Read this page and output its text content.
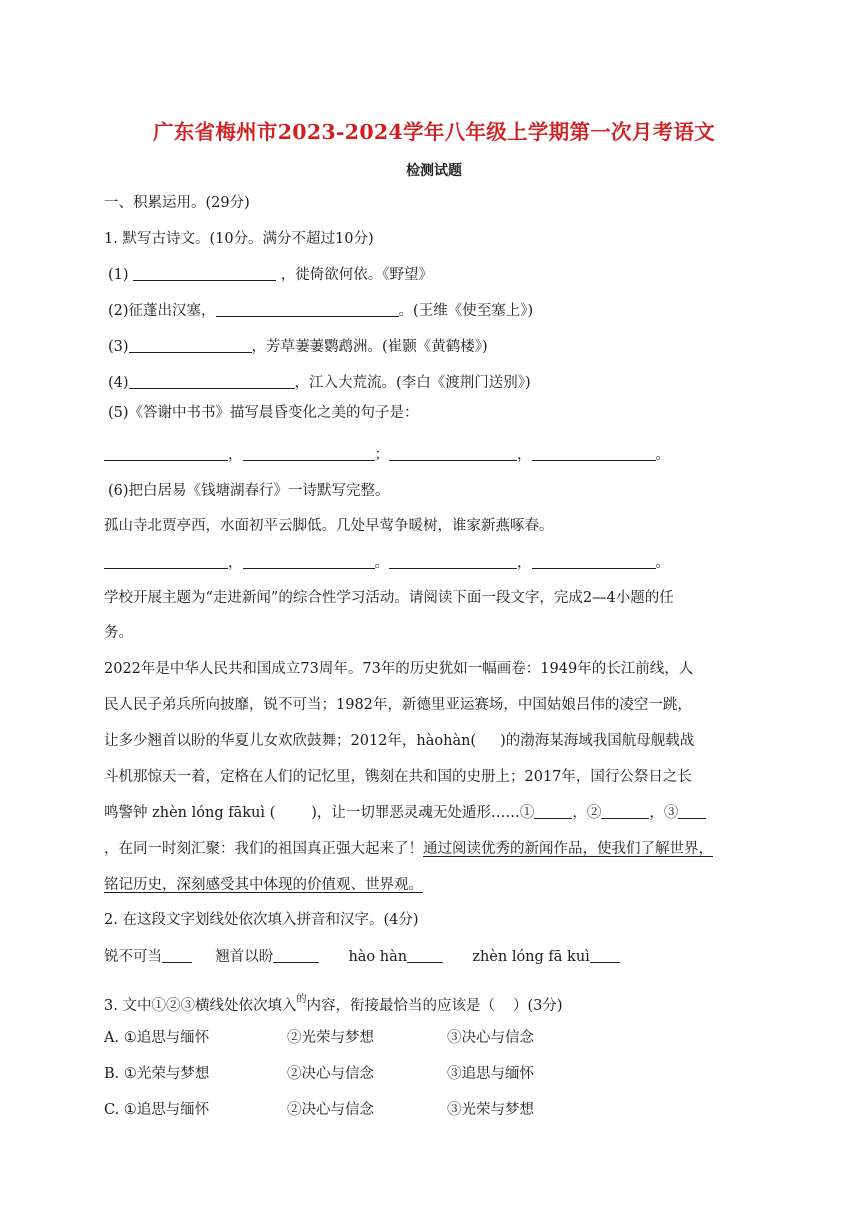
广东省梅州市2023-2024学年八年级上学期第一次月考语文
检测试题
一、积累运用。(29分)
1. 默写古诗文。(10分。满分不超过10分)
(1)	，徙倚欲何依。《野望》
(2)征蓬出汉塞，	。(王维《使至塞上》)
(3)	，芳草萋萋鹦鹉洲。(崔颢《黄鹤楼》)
(4)	，江入大荒流。(李白《渡荆门送别》)
(5)《答谢中书书》描写晨昏变化之美的句子是：
，	；	，	。
(6)把白居易《钱塘湖春行》一诗默写完整。
孤山寺北贾亭西，水面初平云脚低。几处早莺争暖树，谁家新燕啄春。
，	。	，	。
学校开展主题为“走进新闻”的综合性学习活动。请阅读下面一段文字，完成2—4小题的任
务。
2022年是中华人民共和国成立73周年。73年的历史犹如一幅画卷：1949年的长江前线，人
民人民子弟兵所向披靡，锐不可当；1982年，新德里亚运赛场，中国姑娘吕伟的凌空一跳，
让多少翘首以盼的华夏儿女欢欣鼓舞；2012年，hàohàn( )的渤海某海域我国航母舰载战
斗机那惊天一着，定格在人们的记忆里，镌刻在共和国的史册上；2017年，国行公祭日之长
鸣警钟 zhèn lóng fākuì ( )，让一切罪恶灵魂无处遁形……①	，②	，③
，在同一时刻汇聚：我们的祖国真正强大起来了！通过阅读优秀的新闻作品，使我们了解世界，
铭记历史，深刻感受其中体现的价值观、世界观。
2. 在这段文字划线处依次填入拼音和汉字。(4分)
锐不可当	翘首以盼	hào hàn	zhèn lóng fā kuì
3. 文中①②③横线处依次填入$^的$内容，衔接最恰当的应该是（ ）(3分)
A. ①追思与缅怀	②光荣与梦想	③决心与信念
B. ①光荣与梦想	②决心与信念	③追思与缅怀
C. ①追思与缅怀	②决心与信念	③光荣与梦想
